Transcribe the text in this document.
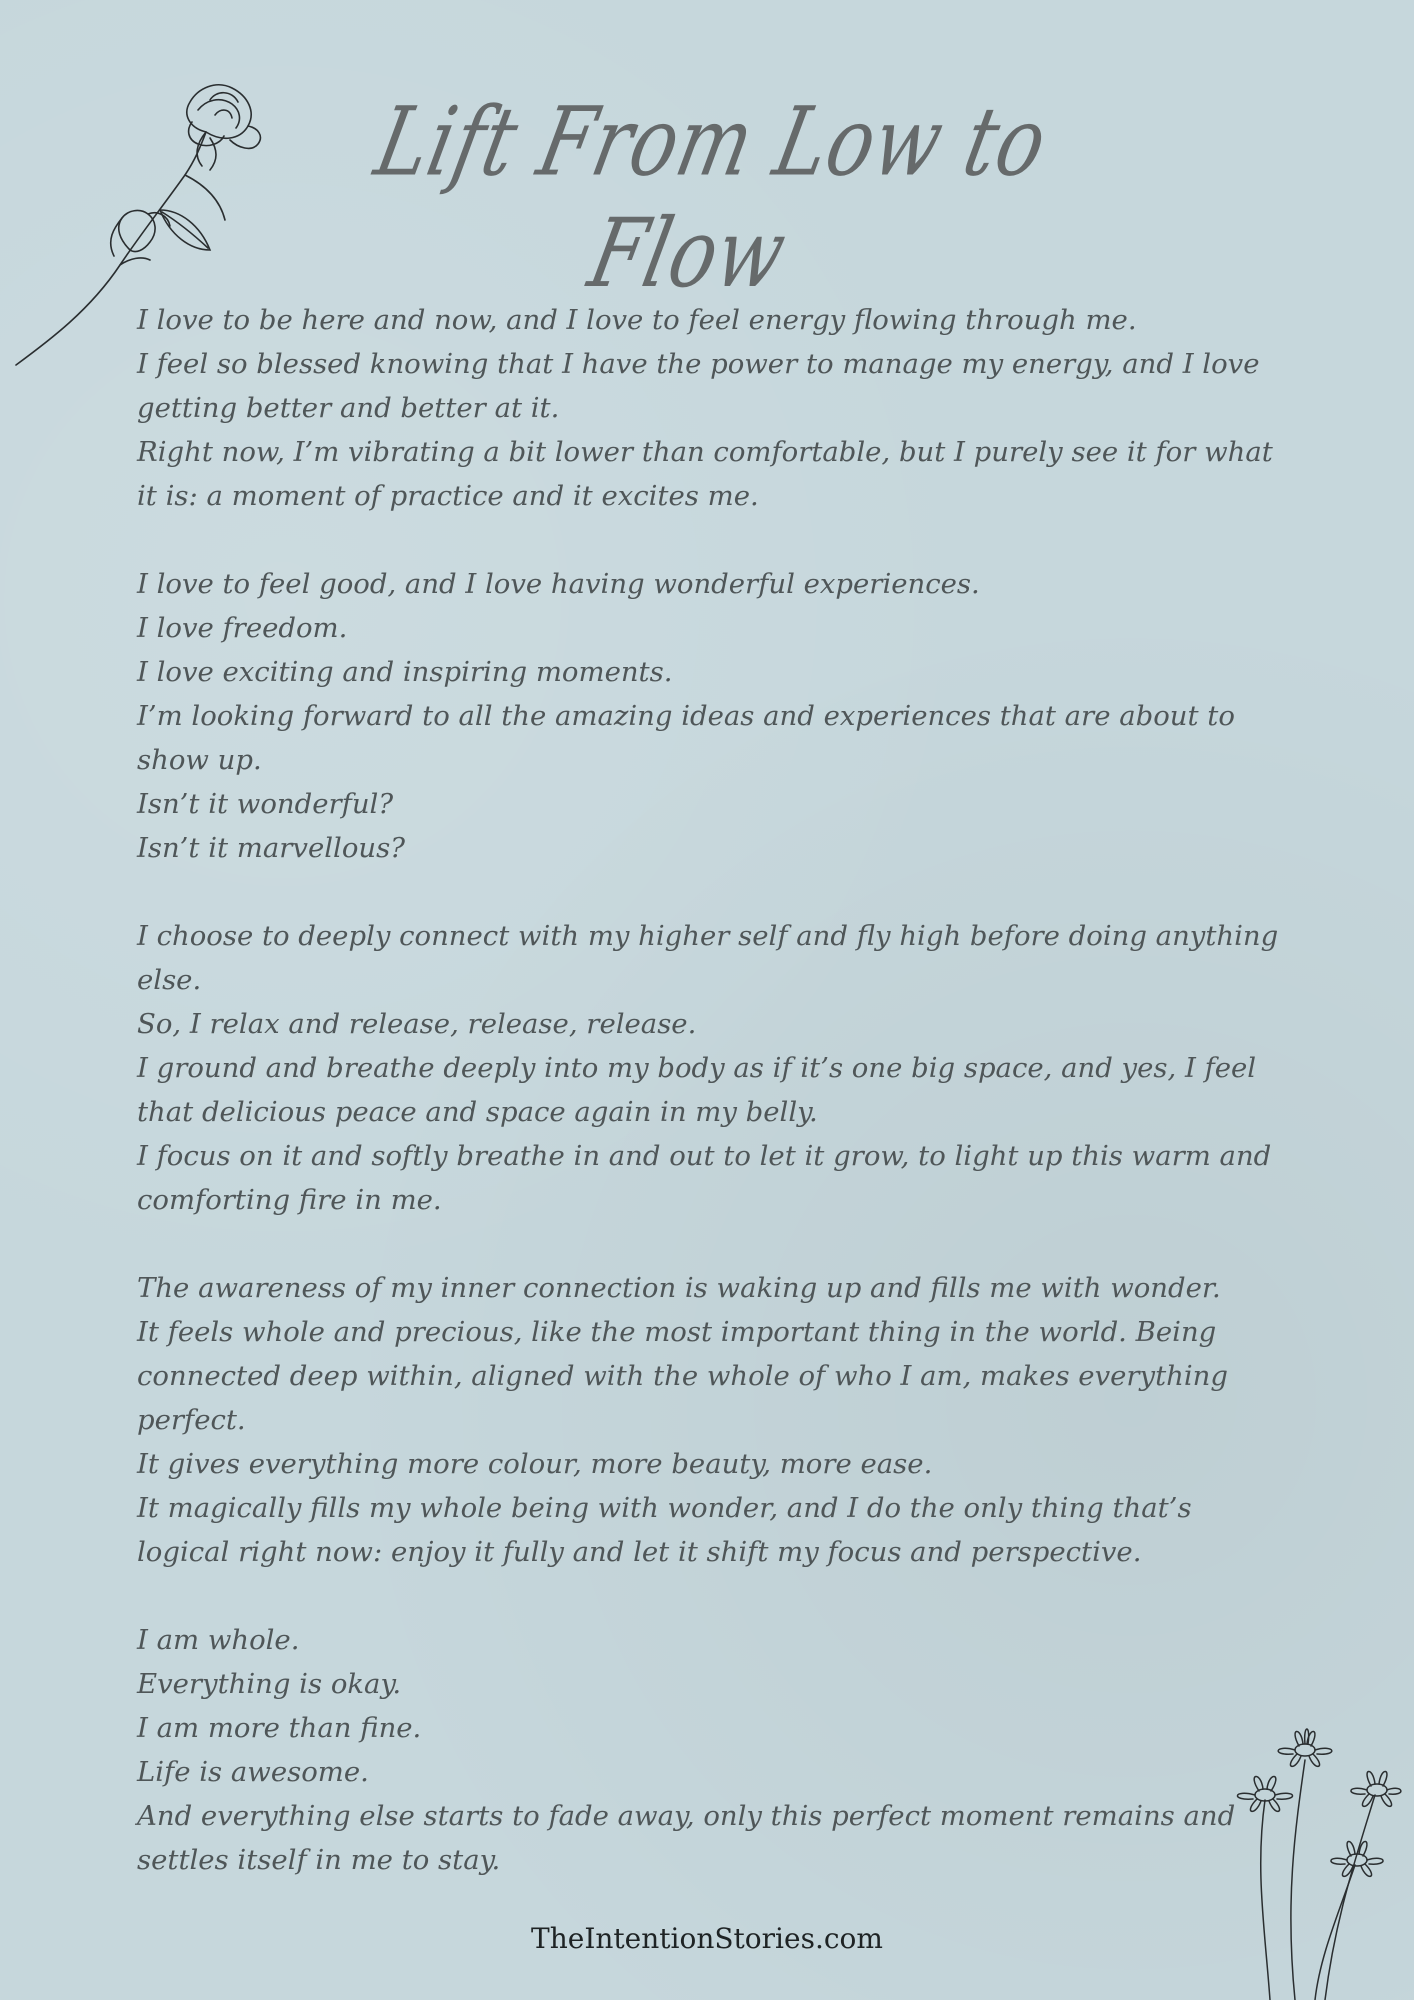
Lift From Low to Flow
I love to be here and now, and I love to feel energy flowing through me.
I feel so blessed knowing that I have the power to manage my energy, and I love getting better and better at it.
Right now, I’m vibrating a bit lower than comfortable, but I purely see it for what it is: a moment of practice and it excites me.
I love to feel good, and I love having wonderful experiences.
I love freedom.
I love exciting and inspiring moments.
I’m looking forward to all the amazing ideas and experiences that are about to show up.
Isn’t it wonderful?
Isn’t it marvellous?
I choose to deeply connect with my higher self and fly high before doing anything else.
So, I relax and release, release, release.
I ground and breathe deeply into my body as if it’s one big space, and yes, I feel that delicious peace and space again in my belly.
I focus on it and softly breathe in and out to let it grow, to light up this warm and comforting fire in me.
The awareness of my inner connection is waking up and fills me with wonder.
It feels whole and precious, like the most important thing in the world. Being connected deep within, aligned with the whole of who I am, makes everything perfect.
It gives everything more colour, more beauty, more ease.
It magically fills my whole being with wonder, and I do the only thing that’s logical right now: enjoy it fully and let it shift my focus and perspective.
I am whole.
Everything is okay.
I am more than fine.
Life is awesome.
And everything else starts to fade away, only this perfect moment remains and settles itself in me to stay.
TheIntentionStories.com
